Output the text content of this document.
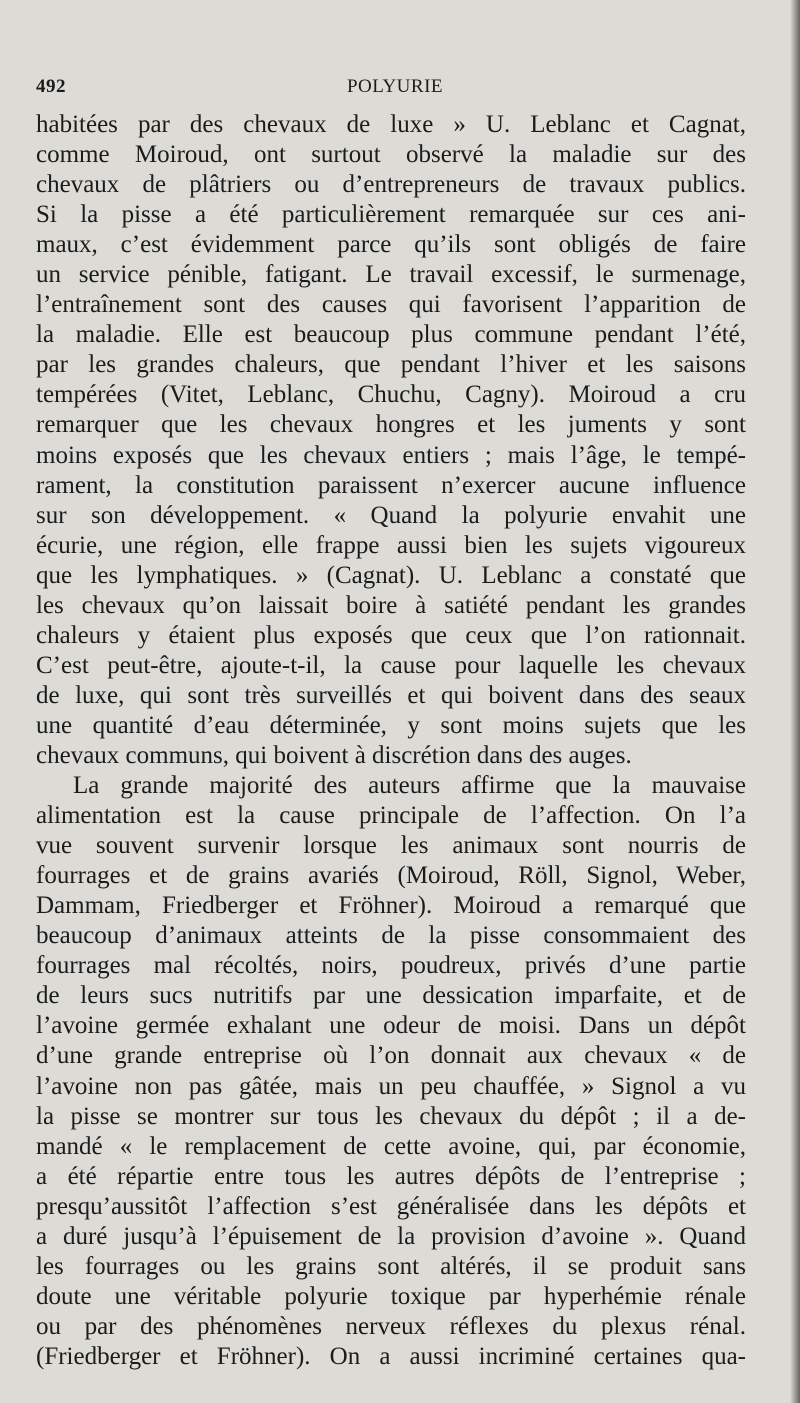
492	POLYURIE
habitées par des chevaux de luxe » U. Leblanc et Cagnat,
comme Moiroud, ont surtout observé la maladie sur des
chevaux de plâtriers ou d’entrepreneurs de travaux publics.
Si la pisse a été particulièrement remarquée sur ces ani-
maux, c’est évidemment parce qu’ils sont obligés de faire
un service pénible, fatigant. Le travail excessif, le surmenage,
l’entraînement sont des causes qui favorisent l’apparition de
la maladie. Elle est beaucoup plus commune pendant l’été,
par les grandes chaleurs, que pendant l’hiver et les saisons
tempérées (Vitet, Leblanc, Chuchu, Cagny). Moiroud a cru
remarquer que les chevaux hongres et les juments y sont
moins exposés que les chevaux entiers ; mais l’âge, le tempé-
rament, la constitution paraissent n’exercer aucune influence
sur son développement. « Quand la polyurie envahit une
écurie, une région, elle frappe aussi bien les sujets vigoureux
que les lymphatiques. » (Cagnat). U. Leblanc a constaté que
les chevaux qu’on laissait boire à satiété pendant les grandes
chaleurs y étaient plus exposés que ceux que l’on rationnait.
C’est peut-être, ajoute-t-il, la cause pour laquelle les chevaux
de luxe, qui sont très surveillés et qui boivent dans des seaux
une quantité d’eau déterminée, y sont moins sujets que les
chevaux communs, qui boivent à discrétion dans des auges.
La grande majorité des auteurs affirme que la mauvaise
alimentation est la cause principale de l’affection. On l’a
vue souvent survenir lorsque les animaux sont nourris de
fourrages et de grains avariés (Moiroud, Röll, Signol, Weber,
Dammam, Friedberger et Fröhner). Moiroud a remarqué que
beaucoup d’animaux atteints de la pisse consommaient des
fourrages mal récoltés, noirs, poudreux, privés d’une partie
de leurs sucs nutritifs par une dessication imparfaite, et de
l’avoine germée exhalant une odeur de moisi. Dans un dépôt
d’une grande entreprise où l’on donnait aux chevaux « de
l’avoine non pas gâtée, mais un peu chauffée, » Signol a vu
la pisse se montrer sur tous les chevaux du dépôt ; il a de-
mandé « le remplacement de cette avoine, qui, par économie,
a été répartie entre tous les autres dépôts de l’entreprise ;
presqu’aussitôt l’affection s’est généralisée dans les dépôts et
a duré jusqu’à l’épuisement de la provision d’avoine ». Quand
les fourrages ou les grains sont altérés, il se produit sans
doute une véritable polyurie toxique par hyperhémie rénale
ou par des phénomènes nerveux réflexes du plexus rénal.
(Friedberger et Fröhner). On a aussi incriminé certaines qua-
